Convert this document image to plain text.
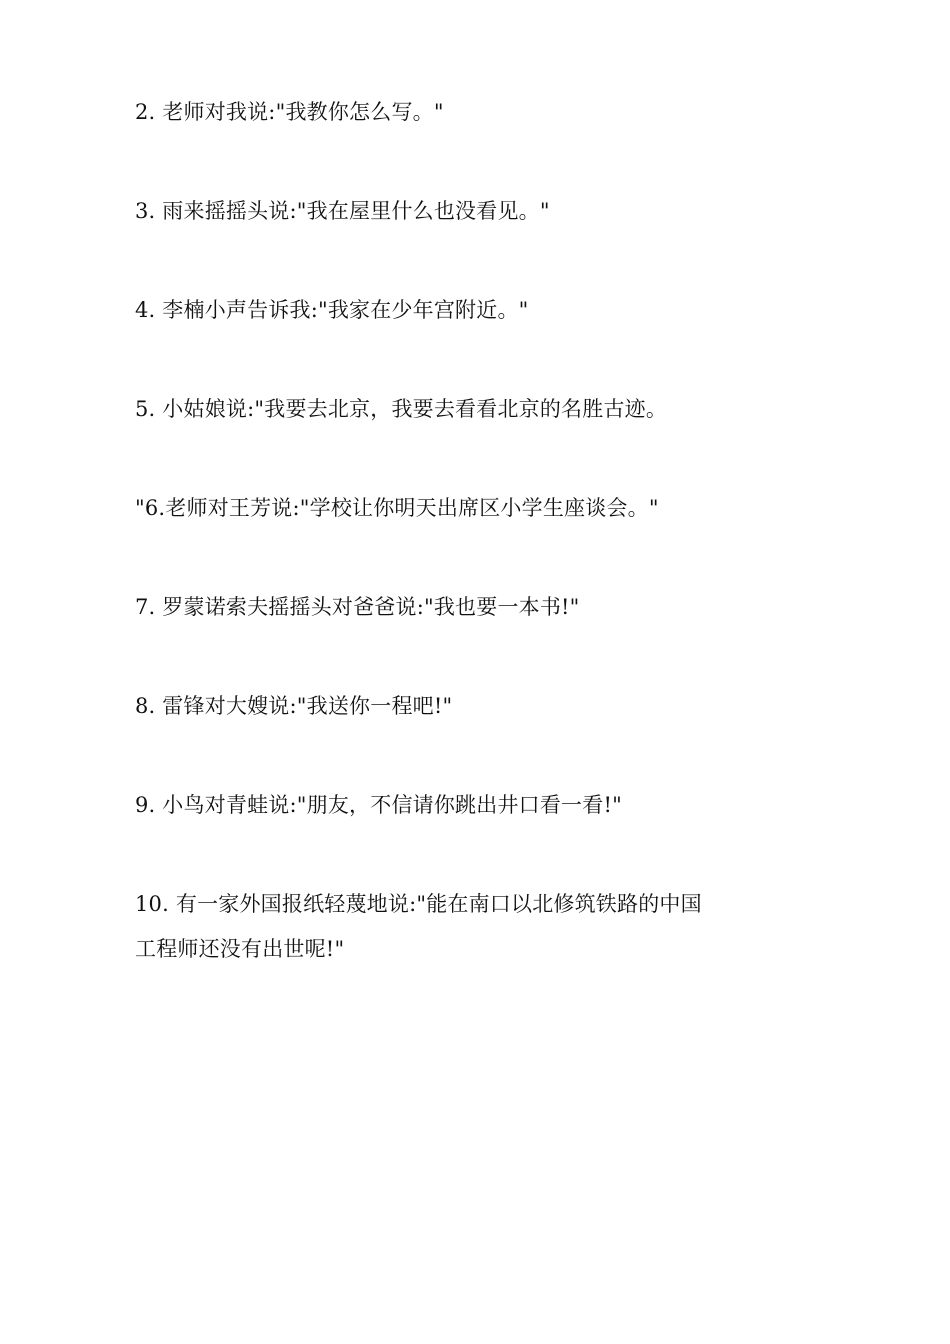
2. 老师对我说:"我教你怎么写。"
3. 雨来摇摇头说:"我在屋里什么也没看见。"
4. 李楠小声告诉我:"我家在少年宫附近。"
5. 小姑娘说:"我要去北京，我要去看看北京的名胜古迹。
"6.老师对王芳说:"学校让你明天出席区小学生座谈会。"
7. 罗蒙诺索夫摇摇头对爸爸说:"我也要一本书!"
8. 雷锋对大嫂说:"我送你一程吧!"
9. 小鸟对青蛙说:"朋友，不信请你跳出井口看一看!"
10. 有一家外国报纸轻蔑地说:"能在南口以北修筑铁路的中国
工程师还没有出世呢!"
